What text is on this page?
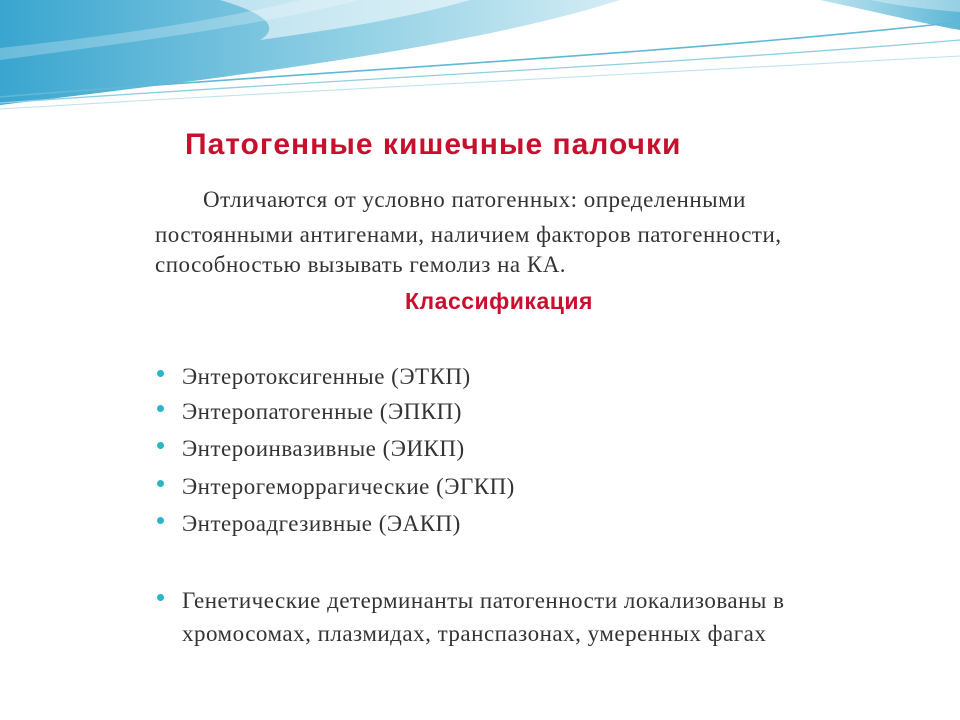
Патогенные кишечные палочки
Отличаются от условно патогенных: определенными
постоянными антигенами, наличием факторов патогенности,
способностью вызывать гемолиз на КА.
Классификация
Энтеротоксигенные (ЭТКП)
Энтеропатогенные (ЭПКП)
Энтероинвазивные (ЭИКП)
Энтерогеморрагические (ЭГКП)
Энтероадгезивные (ЭАКП)
Генетические детерминанты патогенности локализованы в
хромосомах, плазмидах, транспазонах, умеренных фагах
